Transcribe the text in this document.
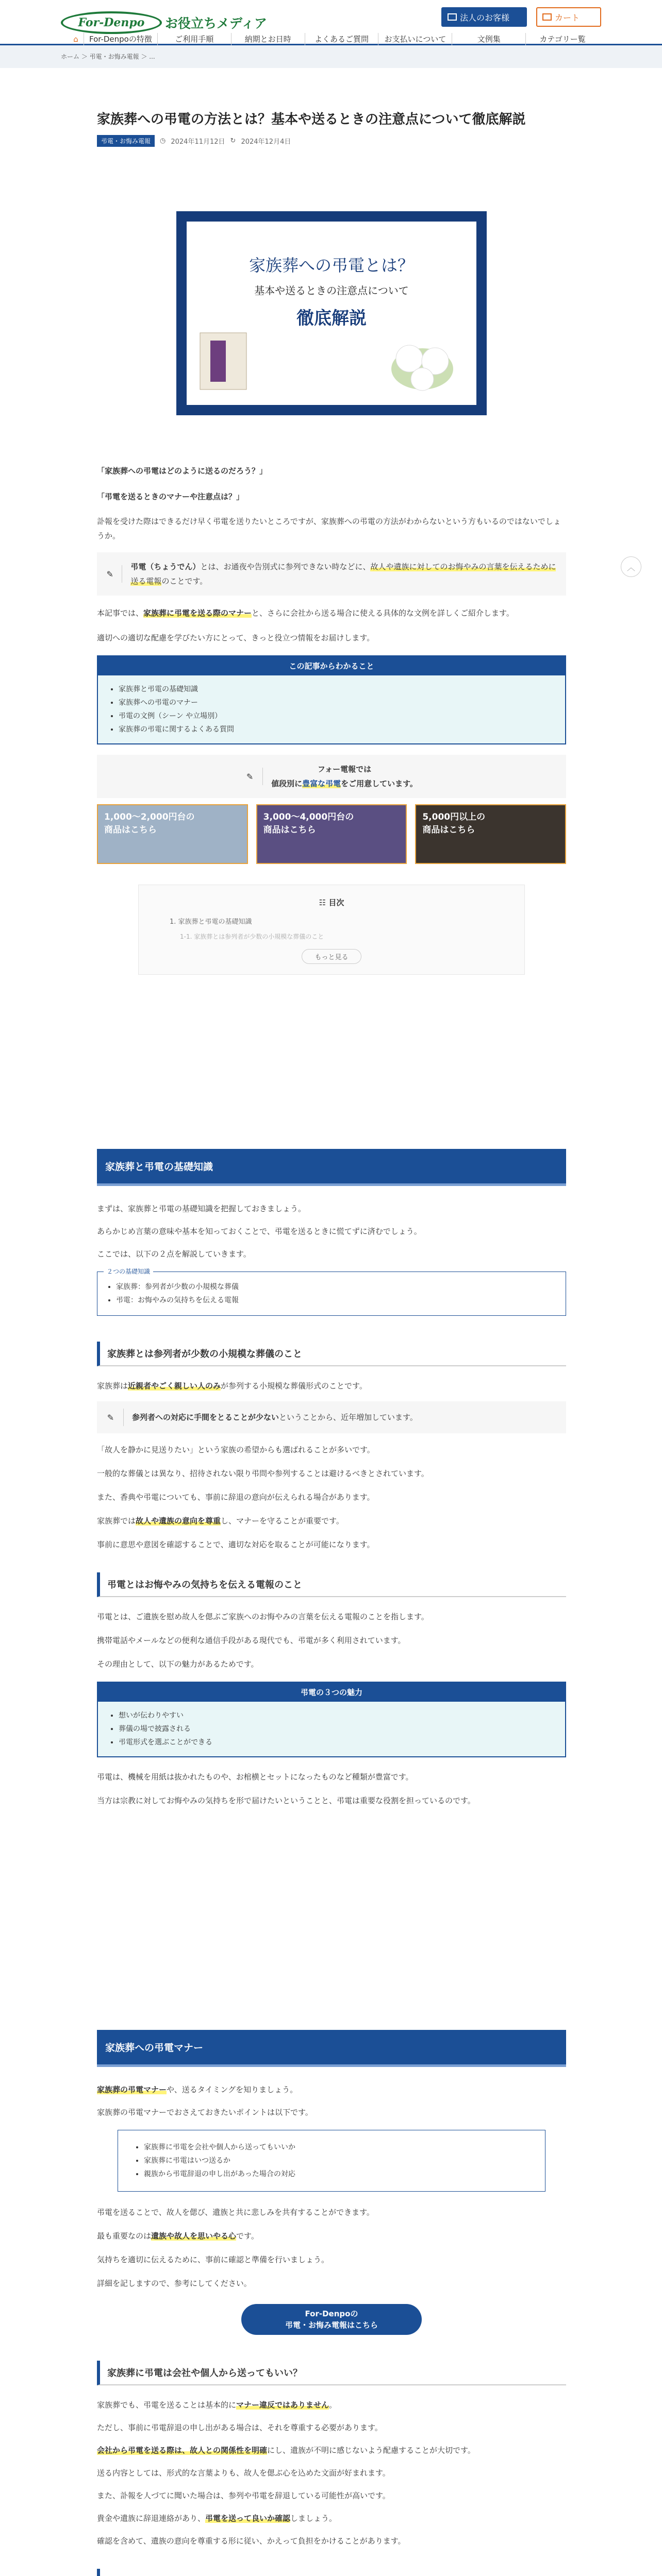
For-Denpo	お役立ちメディア	法人のお客様	カート
⌂	For-Denpoの特徴	ご利用手順	納期とお日時	よくあるご質問	お支払いについて	文例集	カテゴリー覧
ホーム ＞ 弔電・お悔み電報 ＞ ...
家族葬への弔電の方法とは？基本や送るときの注意点について徹底解説
弔電・お悔み電報	◷ 2024年11月12日 ↻ 2024年12月4日
家族葬への弔電とは？
基本や送るときの注意点について
徹底解説

「家族葬への弔電はどのように送るのだろう？」

「弔電を送るときのマナーや注意点は？」

訃報を受けた際はできるだけ早く弔電を送りたいところですが、家族葬への弔電の方法がわからないという方もいるのではないでしょうか。

✎

弔電（ちょうでん）とは、お通夜や告別式に参列できない時などに、故人や遺族に対してのお悔やみの言葉を伝えるために送る電報のことです。

本記事では、家族葬に弔電を送る際のマナーと、さらに会社から送る場合に使える具体的な文例を詳しくご紹介します。

適切への適切な配慮を学びたい方にとって、きっと役立つ情報をお届けします。

この記事からわかること
• 家族葬と弔電の基礎知識
• 家族葬への弔電のマナー
• 弔電の文例（シーン や立場別）
• 家族葬の弔電に関するよくある質問
✎

フォー電報では

値段別に豊富な弔電をご用意しています。

1,000～2,000円台の
商品はこちら
3,000～4,000円台の
商品はこちら
5,000円以上の
商品はこちら

☷ 目次

1. 家族葬と弔電の基礎知識

1-1. 家族葬とは参列者が少数の小規模な葬儀のこと

もっと見る
家族葬と弔電の基礎知識

まずは、家族葬と弔電の基礎知識を把握しておきましょう。

あらかじめ言葉の意味や基本を知っておくことで、弔電を送るときに慌てずに済むでしょう。

ここでは、以下の２点を解説していきます。

２つの基礎知識
• 家族葬：参列者が少数の小規模な葬儀
• 弔電：お悔やみの気持ちを伝える電報
家族葬とは参列者が少数の小規模な葬儀のこと

家族葬は近親者やごく親しい人のみが参列する小規模な葬儀形式のことです。

✎	参列者への対応に手間をとることが少ないということから、近年増加しています。

「故人を静かに見送りたい」という家族の希望からも選ばれることが多いです。

一般的な葬儀とは異なり、招待されない限り弔問や参列することは避けるべきとされています。

また、香典や弔電についても、事前に辞退の意向が伝えられる場合があります。

家族葬では故人や遺族の意向を尊重し、マナーを守ることが重要です。

事前に意思や意図を確認することで、適切な対応を取ることが可能になります。

弔電とはお悔やみの気持ちを伝える電報のこと

弔電とは、ご遺族を慰め故人を偲ぶご家族へのお悔やみの言葉を伝える電報のことを指します。

携帯電話やメールなどの便利な通信手段がある現代でも、弔電が多く利用されています。

その理由として、以下の魅力があるためです。

弔電の３つの魅力
• 想いが伝わりやすい
• 葬儀の場で披露される
• 弔電形式を選ぶことができる

弔電は、機械を用紙は抜かれたものや、お棺横とセットになったものなど種類が豊富です。

当方は宗教に対してお悔やみの気持ちを形で届けたいということと、弔電は重要な役割を担っているのです。

家族葬への弔電マナー

家族葬の弔電マナーや、送るタイミングを知りましょう。

家族葬の弔電マナーでおさえておきたいポイントは以下です。

• 家族葬に弔電を会社や個人から送ってもいいか
• 家族葬に弔電はいつ送るか
• 親族から弔電辞退の申し出があった場合の対応

弔電を送ることで、故人を偲び、遺族と共に悲しみを共有することができます。

最も重要なのは遺族や故人を思いやる心です。

気持ちを適切に伝えるために、事前に確認と準備を行いましょう。

詳細を記しますので、参考にしてください。

For-Denpoの
弔電・お悔み電報はこちら
家族葬に弔電は会社や個人から送ってもいい？

家族葬でも、弔電を送ることは基本的にマナー違反ではありません。

ただし、事前に弔電辞退の申し出がある場合は、それを尊重する必要があります。

会社から弔電を送る際は、故人との関係性を明確にし、遺族が不明に感じないよう配慮することが大切です。

送る内容としては、形式的な言葉よりも、故人を偲ぶ心を込めた文面が好まれます。

また、訃報を人づてに聞いた場合は、参列や弔電を辞退している可能性が高いです。

貴金や遺族に辞退連絡があり、弔電を送って良いか確認しましょう。

確認を含めて、遺族の意向を尊重する形に従い、かえって負担をかけることがあります。

︿
